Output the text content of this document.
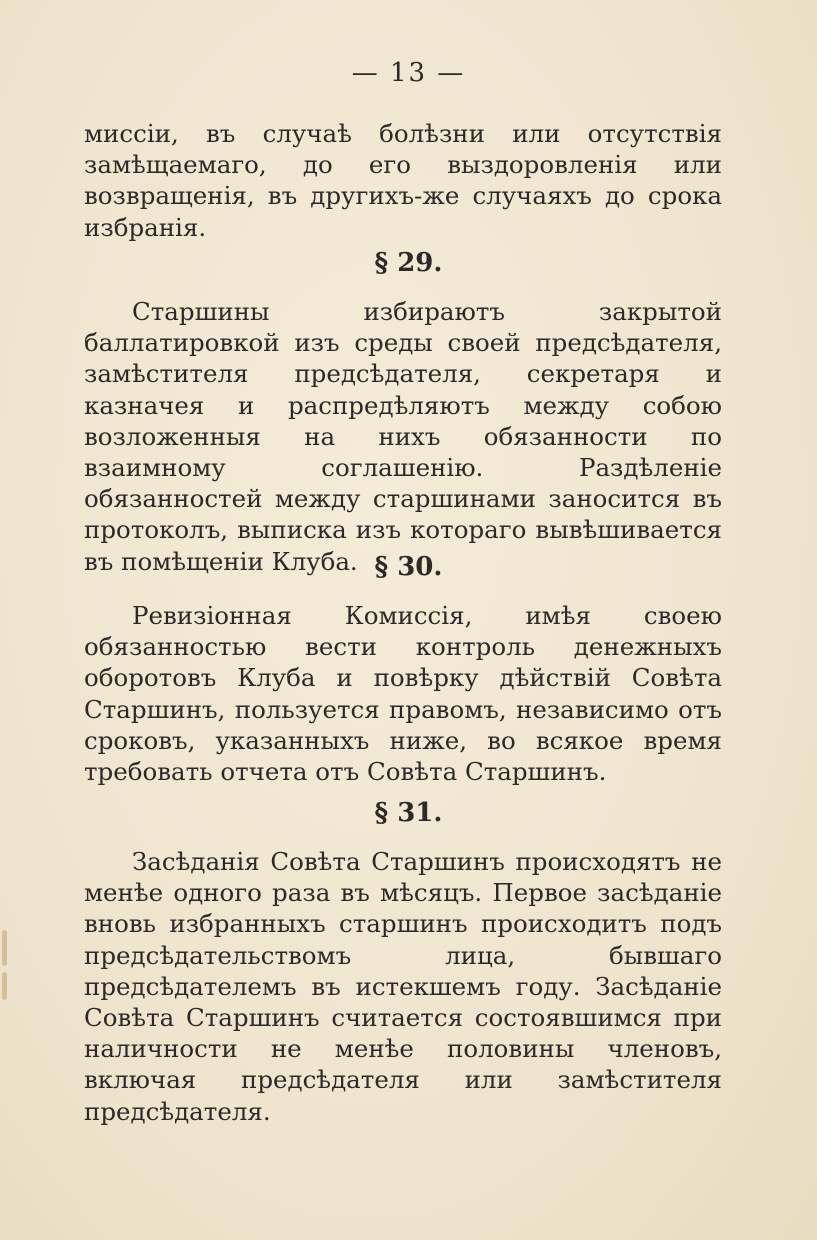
— 13 —

миссіи, въ случаѣ болѣзни или отсутствія замѣщаемаго, до его выздоровленія или возвращенія, въ другихъ-же случаяхъ до срока избранія.

§ 29.

Старшины избираютъ закрытой баллатировкой изъ среды своей предсѣдателя, замѣстителя предсѣдателя, секретаря и казначея и распредѣляютъ между собою возложенныя на нихъ обязанности по взаимному соглашенію. Раздѣленіе обязанностей между старшинами заносится въ протоколъ, выписка изъ котораго вывѣшивается въ помѣщеніи Клуба. § 30.

Ревизіонная Комиссія, имѣя своею обязанностью вести контроль денежныхъ оборотовъ Клуба и повѣрку дѣйствій Совѣта Старшинъ, пользуется правомъ, независимо отъ сроковъ, указанныхъ ниже, во всякое время требовать отчета отъ Совѣта Старшинъ.

§ 31.

Засѣданія Совѣта Старшинъ происходятъ не менѣе одного раза въ мѣсяцъ. Первое засѣданіе вновь избранныхъ старшинъ происходитъ подъ предсѣдательствомъ лица, бывшаго предсѣдателемъ въ истекшемъ году. Засѣданіе Совѣта Старшинъ считается состоявшимся при наличности не менѣе половины членовъ, включая предсѣдателя или замѣстителя предсѣдателя.
